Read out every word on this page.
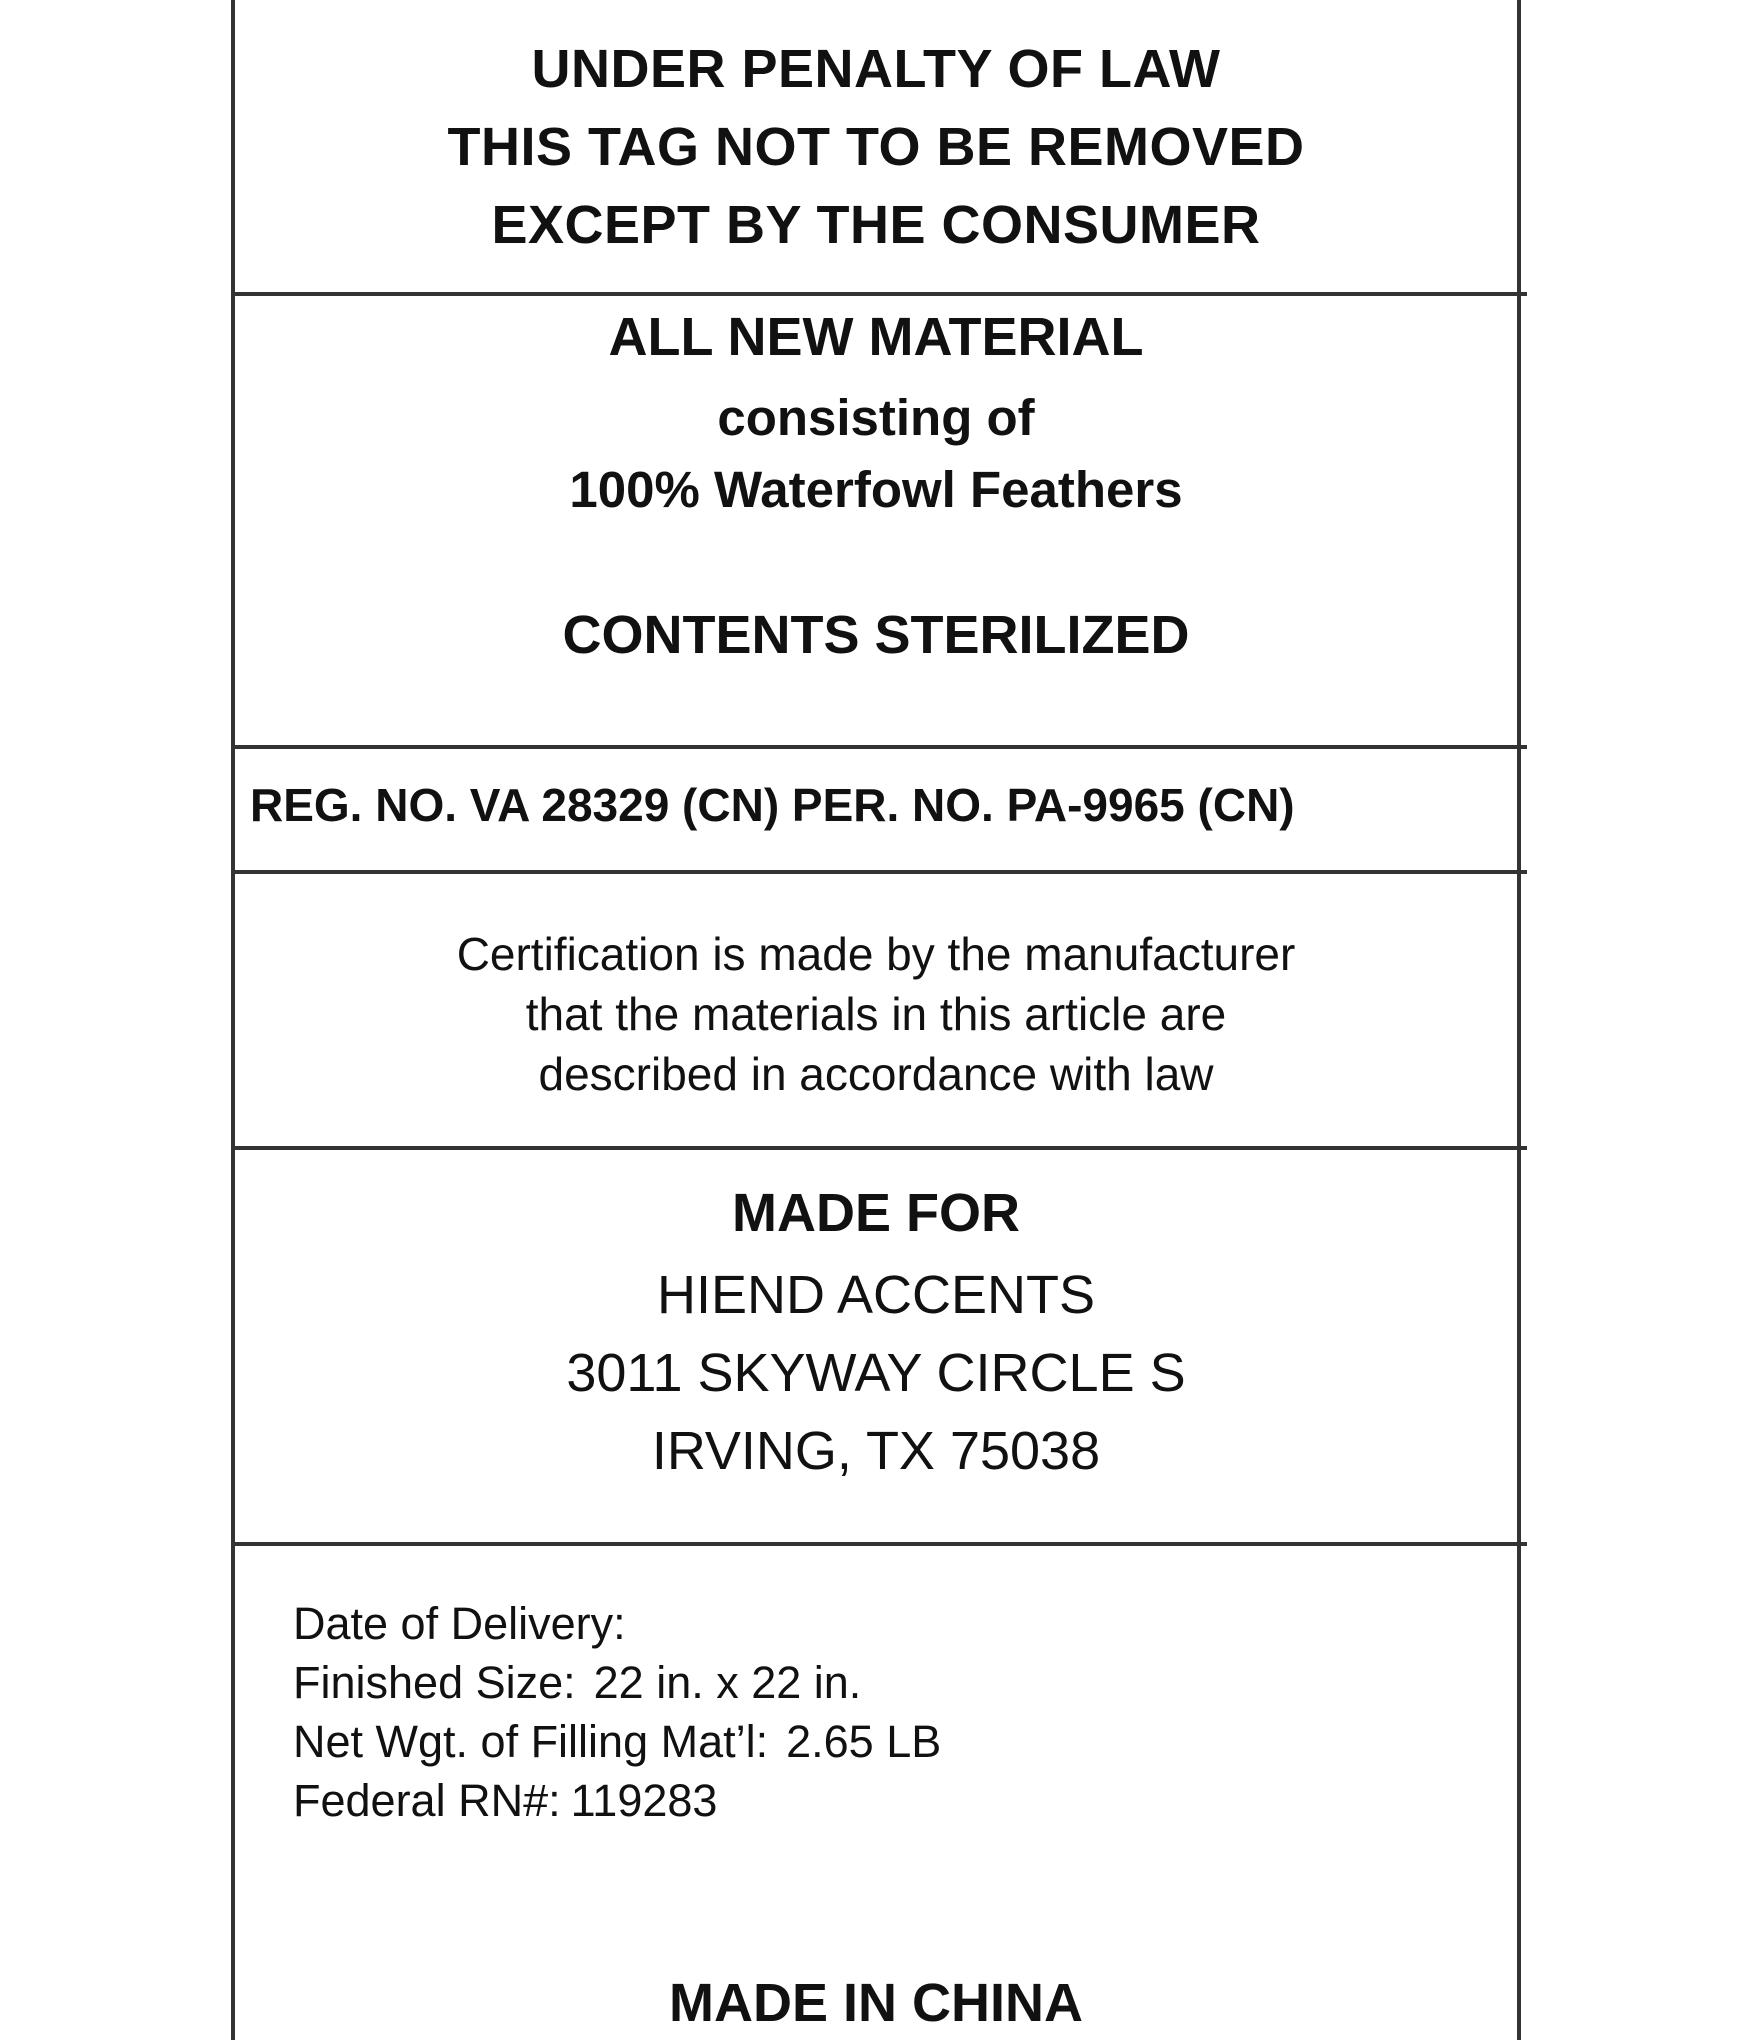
UNDER PENALTY OF LAW
THIS TAG NOT TO BE REMOVED
EXCEPT BY THE CONSUMER
ALL NEW MATERIAL
consisting of
100% Waterfowl Feathers
CONTENTS STERILIZED
REG. NO. VA 28329 (CN) PER. NO. PA-9965 (CN)
Certification is made by the manufacturer
that the materials in this article are
described in accordance with law
MADE FOR
HIEND ACCENTS
3011 SKYWAY CIRCLE S
IRVING, TX 75038
Date of Delivery:
Finished Size: 22 in. x 22 in.
Net Wgt. of Filling Mat’l: 2.65 LB
Federal RN#: 119283
MADE IN CHINA
